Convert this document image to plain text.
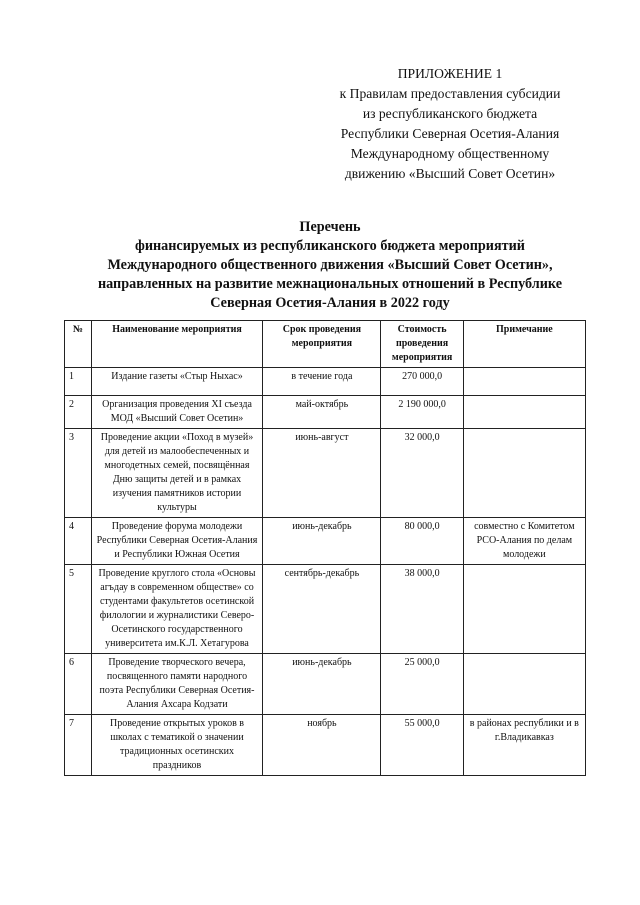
ПРИЛОЖЕНИЕ 1
к Правилам предоставления субсидии
из республиканского бюджета
Республики Северная Осетия-Алания
Международному общественному
движению «Высший Совет Осетин»
Перечень
финансируемых из республиканского бюджета мероприятий
Международного общественного движения «Высший Совет Осетин»,
направленных на развитие межнациональных отношений в Республике
Северная Осетия-Алания в 2022 году
№	Наименование мероприятия	Срок проведения мероприятия	Стоимость проведения мероприятия	Примечание
1	Издание газеты «Стыр Ныхас»	в течение года	270 000,0	
2	Организация проведения XI съезда МОД «Высший Совет Осетин»	май-октябрь	2 190 000,0	
3	Проведение акции «Поход в музей» для детей из малообеспеченных и многодетных семей, посвящённая Дню защиты детей и в рамках изучения памятников истории культуры	июнь-август	32 000,0	
4	Проведение форума молодежи Республики Северная Осетия-Алания и Республики Южная Осетия	июнь-декабрь	80 000,0	совместно с Комитетом РСО-Алания по делам молодежи
5	Проведение круглого стола «Основы агъдау в современном обществе» со студентами факультетов осетинской филологии и журналистики Северо-Осетинского государственного университета им.К.Л. Хетагурова	сентябрь-декабрь	38 000,0	
6	Проведение творческого вечера, посвященного памяти народного поэта Республики Северная Осетия-Алания Ахсара Кодзати	июнь-декабрь	25 000,0	
7	Проведение открытых уроков в школах с тематикой о значении традиционных осетинских праздников	ноябрь	55 000,0	в районах республики и в г.Владикавказ
